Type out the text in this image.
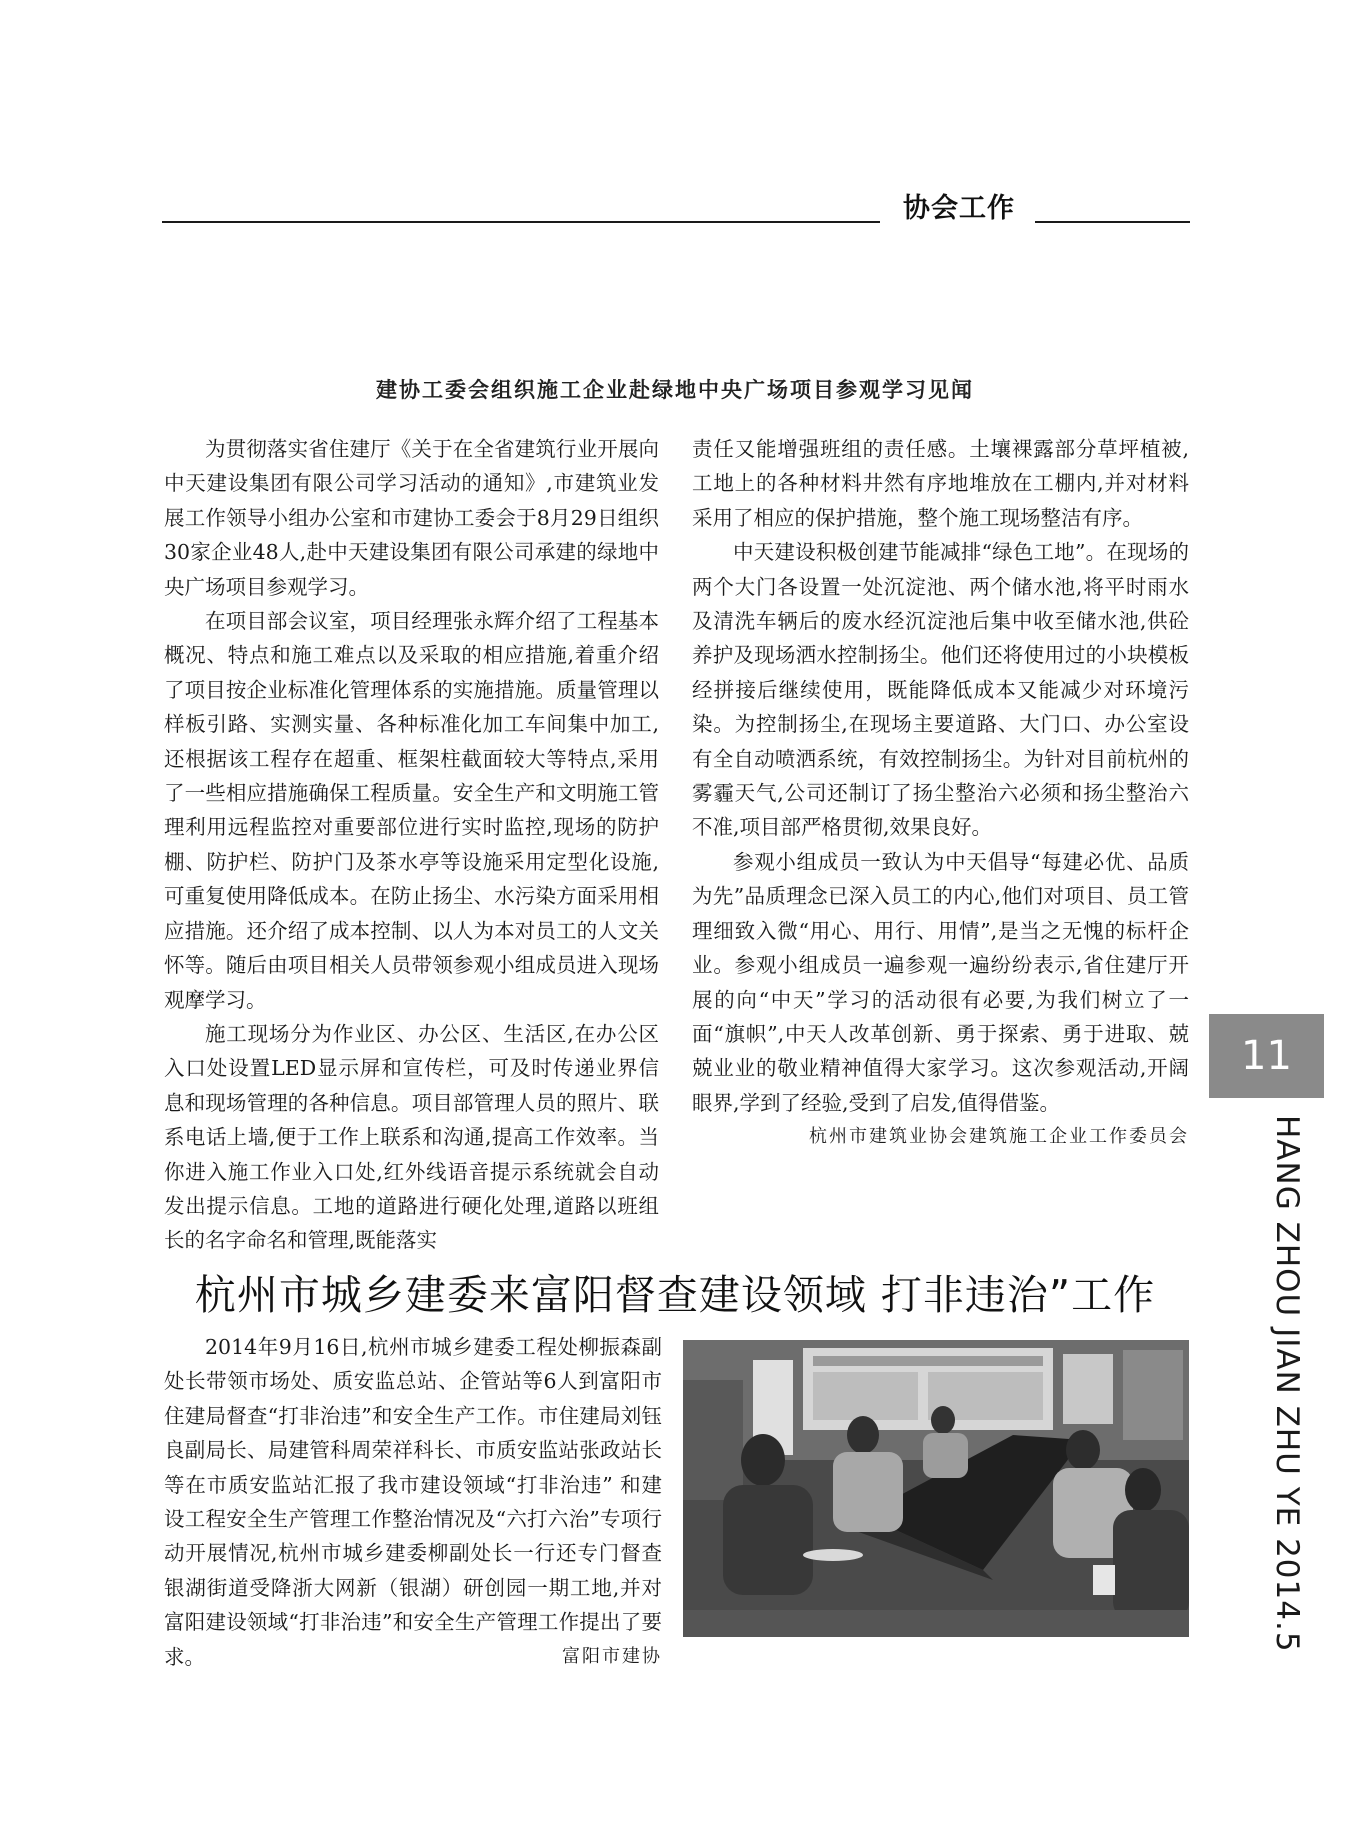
协会工作
建协工委会组织施工企业赴绿地中央广场项目参观学习见闻

为贯彻落实省住建厅《关于在全省建筑行业开展向中天建设集团有限公司学习活动的通知》,市建筑业发展工作领导小组办公室和市建协工委会于8月29日组织30家企业48人,赴中天建设集团有限公司承建的绿地中央广场项目参观学习。

在项目部会议室，项目经理张永辉介绍了工程基本概况、特点和施工难点以及采取的相应措施,着重介绍了项目按企业标准化管理体系的实施措施。质量管理以样板引路、实测实量、各种标准化加工车间集中加工,还根据该工程存在超重、框架柱截面较大等特点,采用了一些相应措施确保工程质量。安全生产和文明施工管理利用远程监控对重要部位进行实时监控,现场的防护棚、防护栏、防护门及茶水亭等设施采用定型化设施,可重复使用降低成本。在防止扬尘、水污染方面采用相应措施。还介绍了成本控制、以人为本对员工的人文关怀等。随后由项目相关人员带领参观小组成员进入现场观摩学习。

施工现场分为作业区、办公区、生活区,在办公区入口处设置LED显示屏和宣传栏，可及时传递业界信息和现场管理的各种信息。项目部管理人员的照片、联系电话上墙,便于工作上联系和沟通,提高工作效率。当你进入施工作业入口处,红外线语音提示系统就会自动发出提示信息。工地的道路进行硬化处理,道路以班组长的名字命名和管理,既能落实

责任又能增强班组的责任感。土壤裸露部分草坪植被,工地上的各种材料井然有序地堆放在工棚内,并对材料采用了相应的保护措施，整个施工现场整洁有序。

中天建设积极创建节能减排“绿色工地”。在现场的两个大门各设置一处沉淀池、两个储水池,将平时雨水及清洗车辆后的废水经沉淀池后集中收至储水池,供砼养护及现场洒水控制扬尘。他们还将使用过的小块模板经拼接后继续使用，既能降低成本又能减少对环境污染。为控制扬尘,在现场主要道路、大门口、办公室设有全自动喷洒系统，有效控制扬尘。为针对目前杭州的雾霾天气,公司还制订了扬尘整治六必须和扬尘整治六不准,项目部严格贯彻,效果良好。

参观小组成员一致认为中天倡导“每建必优、品质为先”品质理念已深入员工的内心,他们对项目、员工管理细致入微“用心、用行、用情”,是当之无愧的标杆企业。参观小组成员一遍参观一遍纷纷表示,省住建厅开展的向“中天”学习的活动很有必要,为我们树立了一面“旗帜”,中天人改革创新、勇于探索、勇于进取、兢兢业业的敬业精神值得大家学习。这次参观活动,开阔眼界,学到了经验,受到了启发,值得借鉴。

杭州市建筑业协会建筑施工企业工作委员会

11
HANG ZHOU JIAN ZHU YE 2014.5
杭州市城乡建委来富阳督查建设领域 打非违治”工作

2014年9月16日,杭州市城乡建委工程处柳振森副处长带领市场处、质安监总站、企管站等6人到富阳市住建局督查“打非治违”和安全生产工作。市住建局刘钰良副局长、局建管科周荣祥科长、市质安监站张政站长等在市质安监站汇报了我市建设领域“打非治违” 和建设工程安全生产管理工作整治情况及“六打六治”专项行动开展情况,杭州市城乡建委柳副处长一行还专门督查银湖街道受降浙大网新（银湖）研创园一期工地,并对富阳建设领域“打非治违”和安全生产管理工作提出了要求。	富阳市建协
